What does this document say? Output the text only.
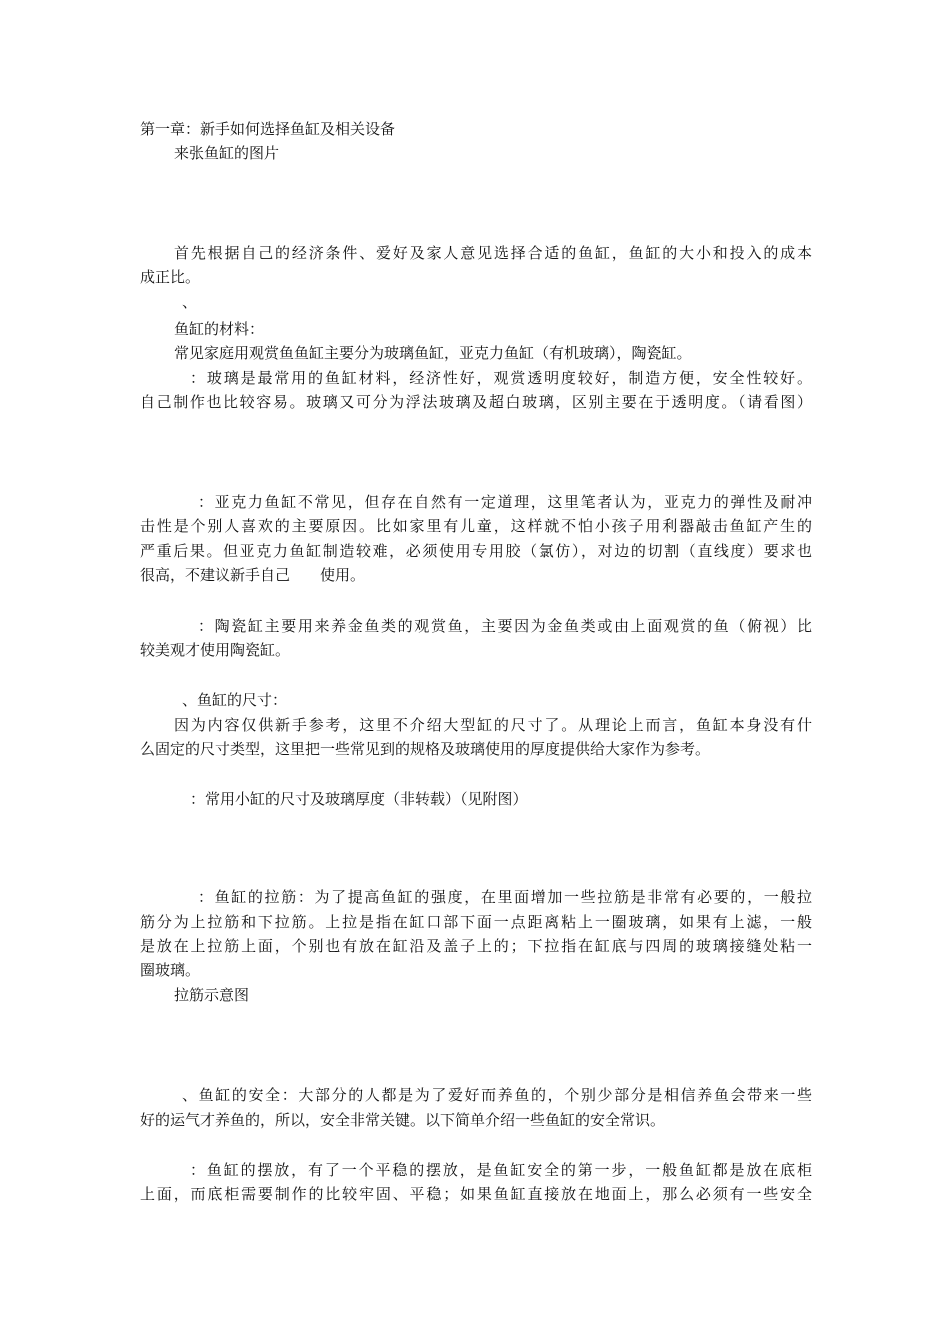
第一章：新手如何选择鱼缸及相关设备

来张鱼缸的图片

首先根据自己的经济条件、爱好及家人意见选择合适的鱼缸，鱼缸的大小和投入的成本

成正比。

、

鱼缸的材料：

常见家庭用观赏鱼鱼缸主要分为玻璃鱼缸，亚克力鱼缸（有机玻璃），陶瓷缸。

：玻璃是最常用的鱼缸材料，经济性好，观赏透明度较好，制造方便，安全性较好。

自己制作也比较容易。玻璃又可分为浮法玻璃及超白玻璃，区别主要在于透明度。（请看图）

：亚克力鱼缸不常见，但存在自然有一定道理，这里笔者认为，亚克力的弹性及耐冲

击性是个别人喜欢的主要原因。比如家里有儿童，这样就不怕小孩子用利器敲击鱼缸产生的

严重后果。但亚克力鱼缸制造较难，必须使用专用胶（氯仿），对边的切割（直线度）要求也

很高，不建议新手自己　　使用。

：陶瓷缸主要用来养金鱼类的观赏鱼，主要因为金鱼类或由上面观赏的鱼（俯视）比

较美观才使用陶瓷缸。

、鱼缸的尺寸：

因为内容仅供新手参考，这里不介绍大型缸的尺寸了。从理论上而言，鱼缸本身没有什

么固定的尺寸类型，这里把一些常见到的规格及玻璃使用的厚度提供给大家作为参考。

：常用小缸的尺寸及玻璃厚度（非转载）（见附图）

：鱼缸的拉筋：为了提高鱼缸的强度，在里面增加一些拉筋是非常有必要的，一般拉

筋分为上拉筋和下拉筋。上拉是指在缸口部下面一点距离粘上一圈玻璃，如果有上滤，一般

是放在上拉筋上面，个别也有放在缸沿及盖子上的；下拉指在缸底与四周的玻璃接缝处粘一

圈玻璃。

拉筋示意图

、鱼缸的安全：大部分的人都是为了爱好而养鱼的，个别少部分是相信养鱼会带来一些

好的运气才养鱼的，所以，安全非常关键。以下简单介绍一些鱼缸的安全常识。

：鱼缸的摆放，有了一个平稳的摆放，是鱼缸安全的第一步，一般鱼缸都是放在底柜

上面，而底柜需要制作的比较牢固、平稳；如果鱼缸直接放在地面上，那么必须有一些安全
